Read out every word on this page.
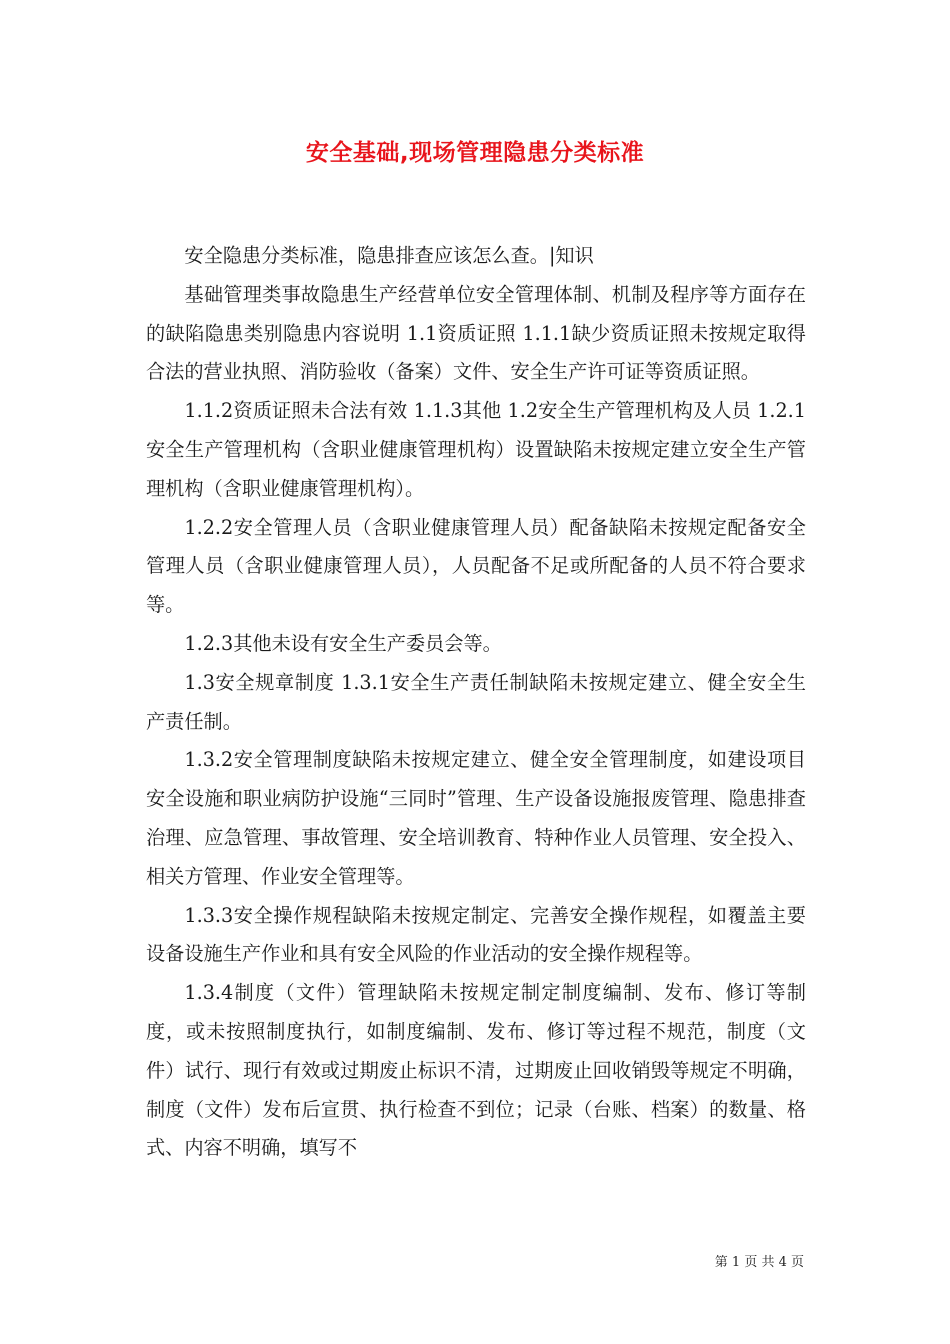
安全基础,现场管理隐患分类标准

安全隐患分类标准，隐患排查应该怎么查。|知识

基础管理类事故隐患生产经营单位安全管理体制、机制及程序等方面存在的缺陷隐患类别隐患内容说明 1.1资质证照 1.1.1缺少资质证照未按规定取得合法的营业执照、消防验收（备案）文件、安全生产许可证等资质证照。

1.1.2资质证照未合法有效 1.1.3其他 1.2安全生产管理机构及人员 1.2.1安全生产管理机构（含职业健康管理机构）设置缺陷未按规定建立安全生产管理机构（含职业健康管理机构）。

1.2.2安全管理人员（含职业健康管理人员）配备缺陷未按规定配备安全管理人员（含职业健康管理人员），人员配备不足或所配备的人员不符合要求等。

1.2.3其他未设有安全生产委员会等。

1.3安全规章制度 1.3.1安全生产责任制缺陷未按规定建立、健全安全生产责任制。

1.3.2安全管理制度缺陷未按规定建立、健全安全管理制度，如建设项目安全设施和职业病防护设施“三同时”管理、生产设备设施报废管理、隐患排查治理、应急管理、事故管理、安全培训教育、特种作业人员管理、安全投入、相关方管理、作业安全管理等。

1.3.3安全操作规程缺陷未按规定制定、完善安全操作规程，如覆盖主要设备设施生产作业和具有安全风险的作业活动的安全操作规程等。

1.3.4制度（文件）管理缺陷未按规定制定制度编制、发布、修订等制度，或未按照制度执行，如制度编制、发布、修订等过程不规范，制度（文件）试行、现行有效或过期废止标识不清，过期废止回收销毁等规定不明确，制度（文件）发布后宣贯、执行检查不到位；记录（台账、档案）的数量、格式、内容不明确，填写不

第 1 页 共 4 页
